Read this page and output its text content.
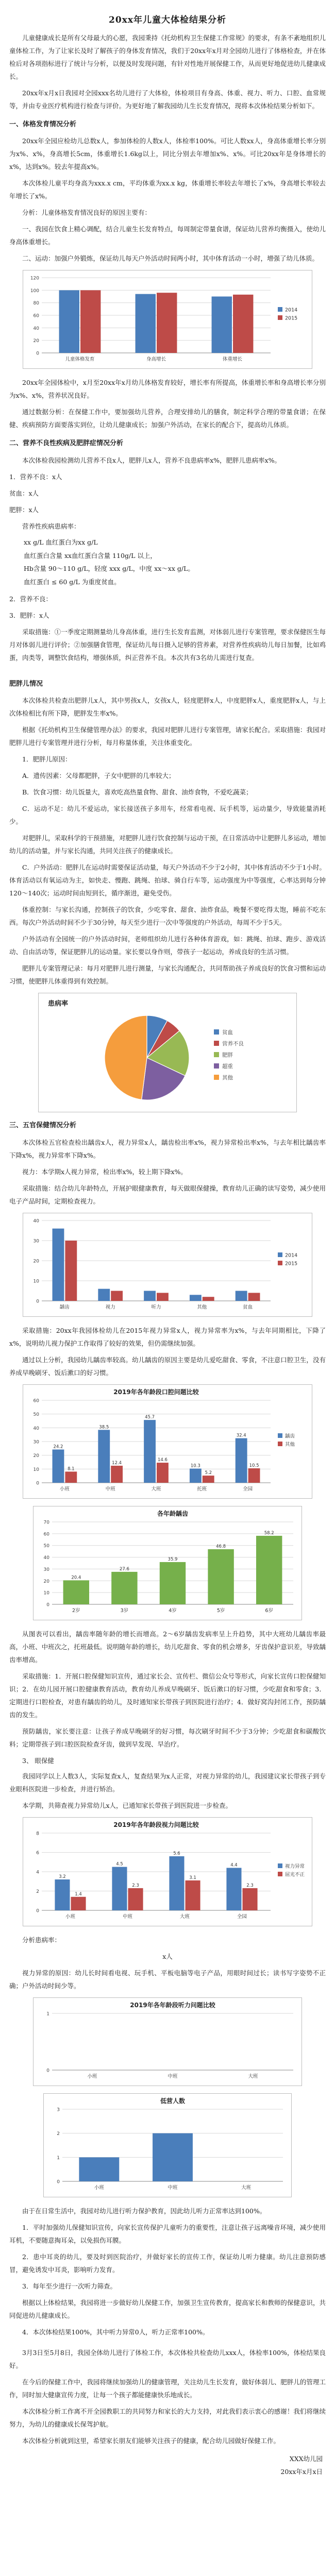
20xx年儿童大体检结果分析

儿童健康成长是所有父母最大的心愿，我园秉持《托幼机构卫生保健工作常规》的要求，有条不紊地组织儿童体检工作，为了让家长及时了解孩子的身体发育情况，我们于20xx年x月对全园幼儿进行了体格检查，并在体检后对各项指标进行了统计与分析，以便及时发现问题，有针对性地开展保健工作，从而更好地促进幼儿健康成长。

20xx年x月x日我园对全园xxx名幼儿进行了大体检，体检项目有身高、体重、视力、听力、口腔、血常规等，并由专业医疗机构进行检查与评价。为更好地了解我园幼儿生长发育情况，现将本次体检结果分析如下。

一、体格发育情况分析

20xx年全园应检幼儿总数x人，参加体检的人数x人，体检率100%。可比人数xx人，身高体重增长率分别为x%、x%，身高增长5cm，体重增长1.6kg以上，同比分别去年增加x%、x%。可比20xx年是身体增长的x%，达到x%。较去年提高x%。

本次体检儿童平均身高为xxx.x cm，平均体重为xx.x kg，体重增长率较去年增长了x%，身高增长率较去年增长了x%。

分析：儿童体格发育情况良好的原因主要有：

一、我园在饮食上精心调配，结合儿童生长发育特点，每周制定带量食谱，保证幼儿营养均衡摄入，使幼儿身高体重增长。

二、运动：加强户外锻炼，保证幼儿每天户外活动时间两小时，其中体育活动一小时，增强了幼儿体质。

0
20
40
60
80
100
120
儿童体格发育	身高增长	体重增长
2014
2015

20xx年全园体检中，x月至20xx年x月幼儿体格发育较好，增长率有所提高，体重增长率和身高增长率分别为x%、x%，营养状况良好。

通过数据分析：在保健工作中，要加强幼儿营养，合理安排幼儿的膳食，制定科学合理的带量食谱；在保健、疾病预防方面要落实到位，让幼儿健康成长；加强户外活动，在家长的配合下，提高幼儿体质。

二、营养不良性疾病及肥胖症情况分析

本次体检我园检测幼儿营养不良x人，肥胖儿x人，营养不良患病率x%，肥胖儿患病率x%。

1．营养不良：x人

贫血：x人

肥胖：x人

营养性疾病患病率：

xx g/L 血红蛋白为xx g/L
血红蛋白含量 xx血红蛋白含量 110g/L 以上，
Hb含量 90～110 g/L，轻度 xxx g/L，中度 xx～xx g/L。
血红蛋白 ≤ 60 g/L 为重度贫血。

2．营养不良：

3．肥胖：x人

采取措施：①一季度定期测量幼儿身高体重，进行生长发育监测，对体弱儿进行专案管理，要求保健医生每月对体弱儿进行评价；②加强膳食管理，保证幼儿每日摄入足够的营养素，对营养性疾病幼儿每日加餐，比如鸡蛋，肉类等，调整饮食结构，增强体质，纠正营养不良。本次共有3名幼儿需进行复查。

肥胖儿情况

本次体检共检查出肥胖儿x人，其中男孩x人，女孩x人，轻度肥胖x人，中度肥胖x人，重度肥胖x人，与上次体检相比有所下降，肥胖发生率x%。

根据《托幼机构卫生保健管理办法》的要求，我园对肥胖儿进行专案管理，请家长配合。采取措施：我园对肥胖儿进行专案管理并进行分析，每月称量体重，关注体重变化。

1．肥胖儿原因：

A．遗传因素：父母都肥胖，子女中肥胖的几率较大；

B．饮食习惯：幼儿饭量大，喜欢吃高热量食物、甜食、油炸食物，不爱吃蔬菜；

C．运动不足：幼儿不爱运动，家长接送孩子多用车，经常看电视、玩手机等，运动量少，导致能量消耗少。

对肥胖儿，采取科学的干预措施，对肥胖儿进行饮食控制与运动干预，在日常活动中让肥胖儿多运动，增加幼儿的活动量，并与家长沟通，共同关注孩子的健康成长。

C．户外活动：肥胖儿在运动时需要保证活动量，每天户外活动不少于2小时，其中体育活动不少于1小时。体育活动以有氧运动为主，如快走、慢跑、跳绳、拍球、骑自行车等，运动强度为中等强度，心率达到每分钟120～140次；运动时间由短到长，循序渐进，避免受伤。

体重控制：与家长沟通，控制孩子的饮食，少吃零食、甜食、油炸食品，晚餐不要吃得太饱，睡前不吃东西。每次户外活动时间不少于30分钟，每天至少进行一次中等强度的户外活动，每周不少于5天。

户外活动有全园统一的户外活动时间，老师组织幼儿进行各种体育游戏，如：跳绳、拍球、跑步、游戏活动、自由活动等，保证肥胖儿的运动量。家长要以身作则，带孩子一起运动，养成良好的生活习惯。

肥胖儿专案管理记录：每月对肥胖儿进行测量，与家长沟通配合，共同帮助孩子养成良好的饮食习惯和运动习惯，使肥胖儿体重得到有效控制。

患病率
贫血
营养不良
肥胖
超重
其他
三、五官保健情况分析

本次体检五官检查检出龋齿x人，视力异常x人，龋齿检出率x%，视力异常检出率x%，与去年相比龋齿率下降x%，视力异常率下降x%。

视力：本学期x人视力异常，检出率x%，较上期下降x%。

采取措施：结合幼儿年龄特点，开展护眼健康教育，每天做眼保健操，教育幼儿正确的读写姿势，减少使用电子产品时间，定期检查视力。

0
10
20
30
40
龋齿	视力	听力	其他	贫血
2014
2015

采取措施：20xx年我园体检幼儿在2015年视力异常x人，视力异常率为x%，与去年同期相比，下降了x%，说明幼儿视力保护工作取得了较好的效果，但仍需继续加强。

通过以上分析，我园幼儿龋齿率较高。幼儿龋齿的原因主要是幼儿爱吃甜食、零食，不注意口腔卫生，没有养成早晚刷牙、饭后漱口的好习惯。

2019年各年龄段口腔问题比较
0
10
20
30
40
50
60
24.2
8.1
小班
38.5
12.4
中班
45.7
14.6
大班
10.3
5.2
托班
32.4
10.5
全园
龋齿
其他
各年龄龋齿
0
10
20
30
40
50
60
70
20.4
2岁
27.6
3岁
35.9
4岁
46.8
5岁
58.2
6岁

从图表可以看出，龋齿率随年龄的增长而增高。2～6岁龋齿发病率呈上升趋势，其中大班幼儿龋齿率最高，小班、中班次之，托班最低。说明随年龄的增长，幼儿吃甜食、零食的机会增多，牙齿保护意识差，导致龋齿率增高。

采取措施：1．开展口腔保健知识宣传，通过家长会、宣传栏、微信公众号等形式，向家长宣传口腔保健知识；2．在幼儿园开展口腔健康教育活动，教育幼儿养成早晚刷牙、饭后漱口的好习惯，少吃甜食和零食；3．定期进行口腔检查，对患有龋齿的幼儿，及时通知家长带孩子到医院进行治疗；4．做好窝沟封闭工作，预防龋齿的发生。

预防龋齿，家长要注意：让孩子养成早晚刷牙的好习惯，每次刷牙时间不少于3分钟；少吃甜食和碳酸饮料；定期带孩子到口腔医院检查牙齿，做到早发现、早治疗。

3、 眼保健

我园同学以上人数3人，实际复查x人，复查结果为x人正常，对视力异常的幼儿，我园建议家长带孩子到专业眼科医院进一步检查，并进行矫治。

本学期，共筛查视力异常幼儿x人，已通知家长带孩子到医院进一步检查。

2019年各年龄段视力问题比较
0
2
4
6
8
3.2
1.4
小班
4.5
2.3
中班
5.6
3.1
大班
4.4
2.3
全园
视力异常
屈光不正

分析患病率：

x人

视力异常的原因：幼儿长时间看电视、玩手机、平板电脑等电子产品，用眼时间过长；读书写字姿势不正确；户外活动时间少等。

2019年各年龄段听力问题比较
0
1
小班	中班	大班
低营人数
0
1
2
3
小班	中班	大班

由于在日常生活中，我园对幼儿进行听力保护教育，因此幼儿听力正常率达到100%。

1．平时加强幼儿保健知识宣传，向家长宣传保护儿童听力的重要性，注意让孩子远离噪音环境，减少使用耳机，不要随意掏耳朵，以免损伤耳膜。

2．患中耳炎的幼儿，要及时到医院治疗，并做好家长的宣传工作，保证幼儿听力健康。幼儿注意预防感冒，避免诱发中耳炎，影响听力发育。

3．每年至少进行一次听力筛查。

根据以上体检结果，我园将进一步做好幼儿保健工作，加强卫生宣传教育，提高家长和教师的保健意识，共同促进幼儿健康成长。

4．本次体检结果100%，其中听力异常0人，听力正常率100%。

3月3日至5月8日，我园全体幼儿进行了体检工作，本次体检共检查幼儿xxx人，体检率100%，体检结果良好。

在今后的保健工作中，我园将继续加强幼儿的健康管理，关注幼儿生长发育，做好体弱儿、肥胖儿的管理工作，同时加大健康宣传力度，让每一个孩子都能健康快乐地成长。

本次体检分析工作离不开全园教职工的共同努力和家长的大力支持，对此我们表示衷心的感谢！我们将继续努力，为幼儿的健康成长保驾护航。

本次体检分析就到这里，希望家长朋友们能够关注孩子的健康，配合幼儿园做好保健工作。

XXX幼儿园
20xx年x月x日
